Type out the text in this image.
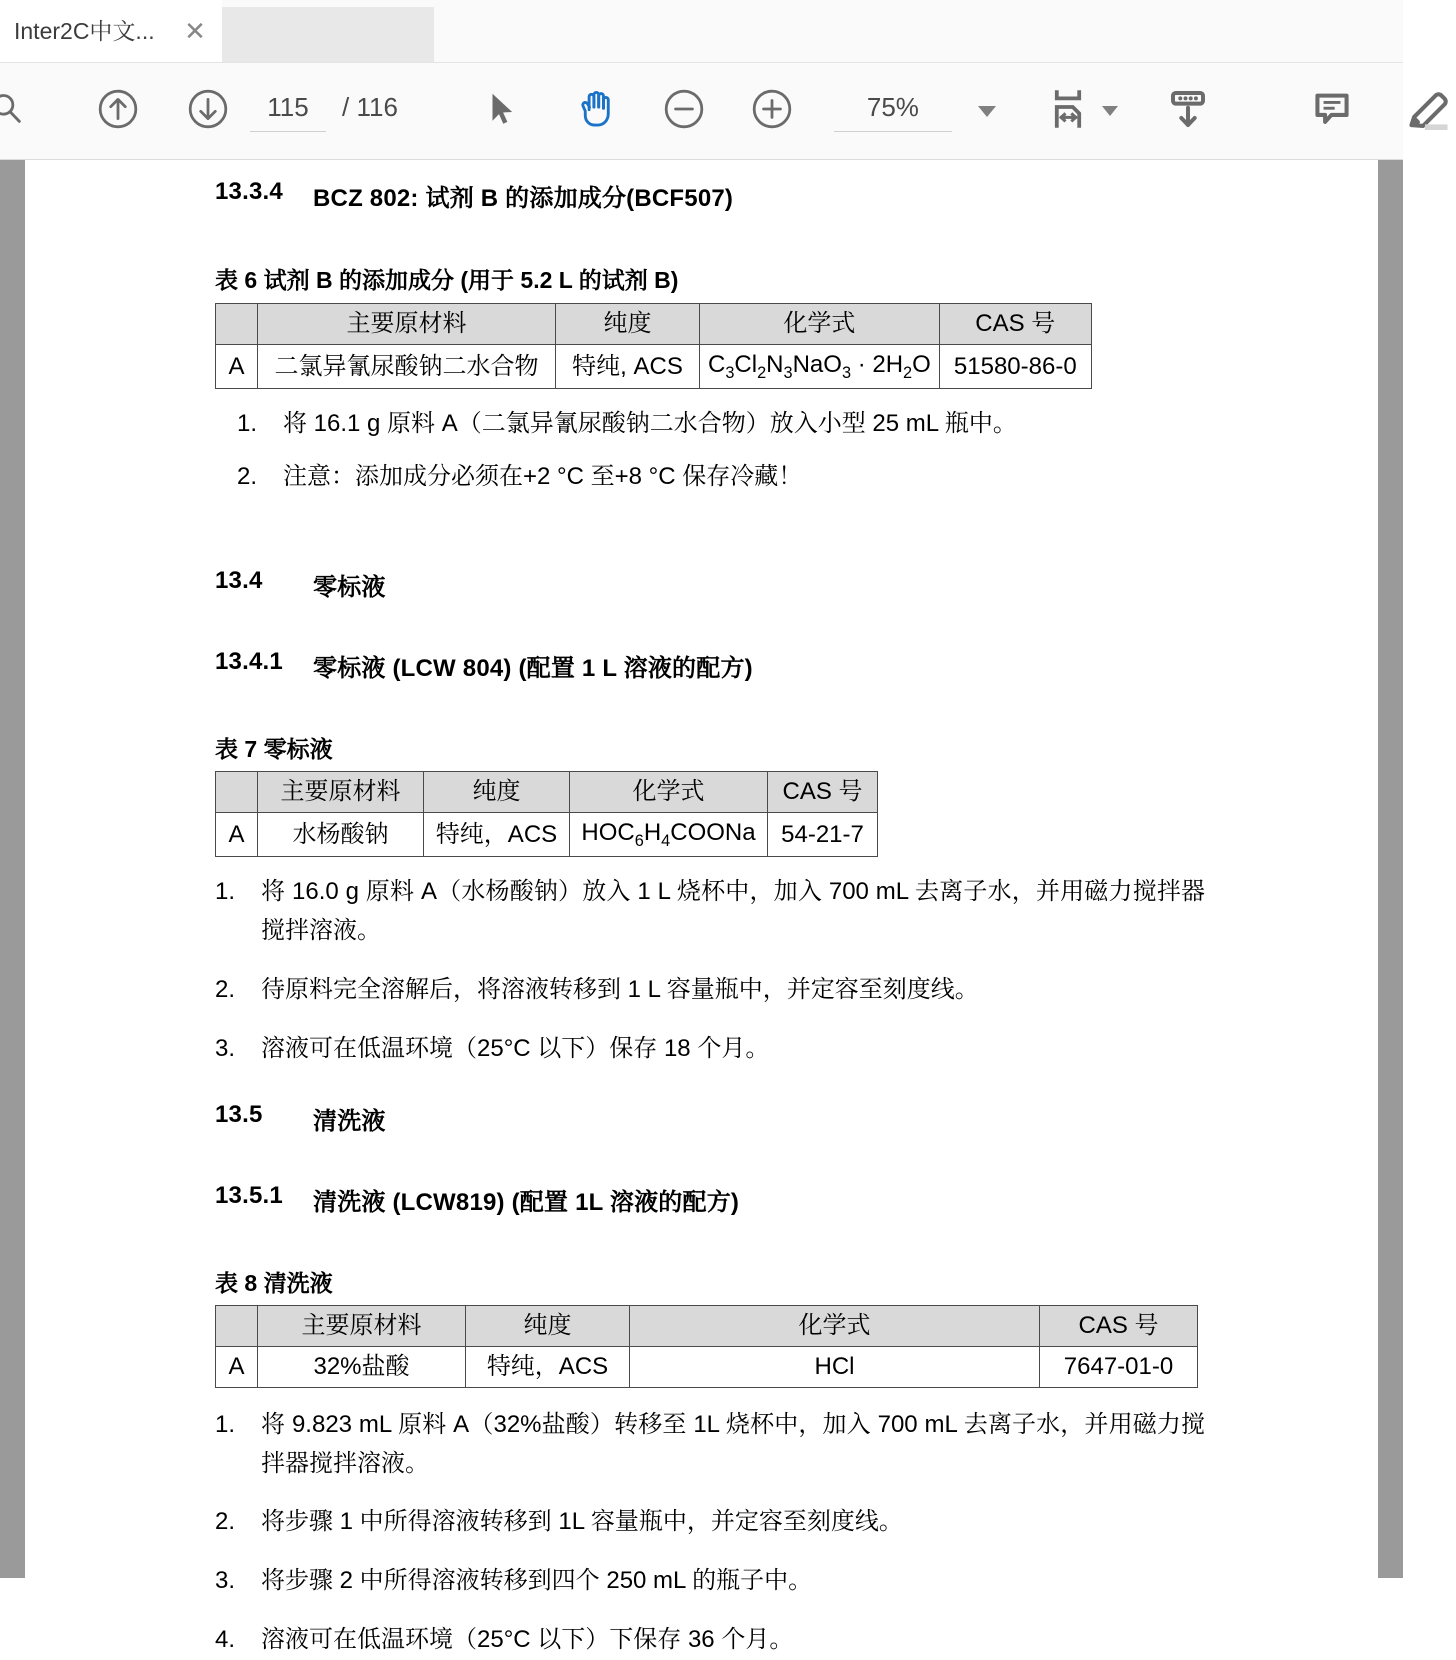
Inter2C中文...	✕
115
/ 116
75%
13.3.4	BCZ 802: 试剂 B 的添加成分(BCF507)

表 6 试剂 B 的添加成分 (用于 5.2 L 的试剂 B)

	主要原材料	纯度	化学式	CAS 号
A	二氯异氰尿酸钠二水合物	特纯, ACS	$C_3Cl_2N_3NaO_3 \cdot 2H_2O$	51580-86-0
1.	将 16.1 g 原料 A（二氯异氰尿酸钠二水合物）放入小型 25 mL 瓶中。
2.	注意：添加成分必须在+2 °C 至+8 °C 保存冷藏！
13.4	零标液
13.4.1	零标液 (LCW 804) (配置 1 L 溶液的配方)

表 7 零标液

	主要原材料	纯度	化学式	CAS 号
A	水杨酸钠	特纯，ACS	$HOC_6H_4COONa$	54-21-7
1.	将 16.0 g 原料 A（水杨酸钠）放入 1 L 烧杯中，加入 700 mL 去离子水，并用磁力搅拌器搅拌溶液。
2.	待原料完全溶解后，将溶液转移到 1 L 容量瓶中，并定容至刻度线。
3.	溶液可在低温环境（25°C 以下）保存 18 个月。
13.5	清洗液
13.5.1	清洗液 (LCW819) (配置 1L 溶液的配方)

表 8 清洗液

	主要原材料	纯度	化学式	CAS 号
A	32%盐酸	特纯，ACS	HCl	7647-01-0
1.	将 9.823 mL 原料 A（32%盐酸）转移至 1L 烧杯中，加入 700 mL 去离子水，并用磁力搅拌器搅拌溶液。
2.	将步骤 1 中所得溶液转移到 1L 容量瓶中，并定容至刻度线。
3.	将步骤 2 中所得溶液转移到四个 250 mL 的瓶子中。
4.	溶液可在低温环境（25°C 以下）下保存 36 个月。
